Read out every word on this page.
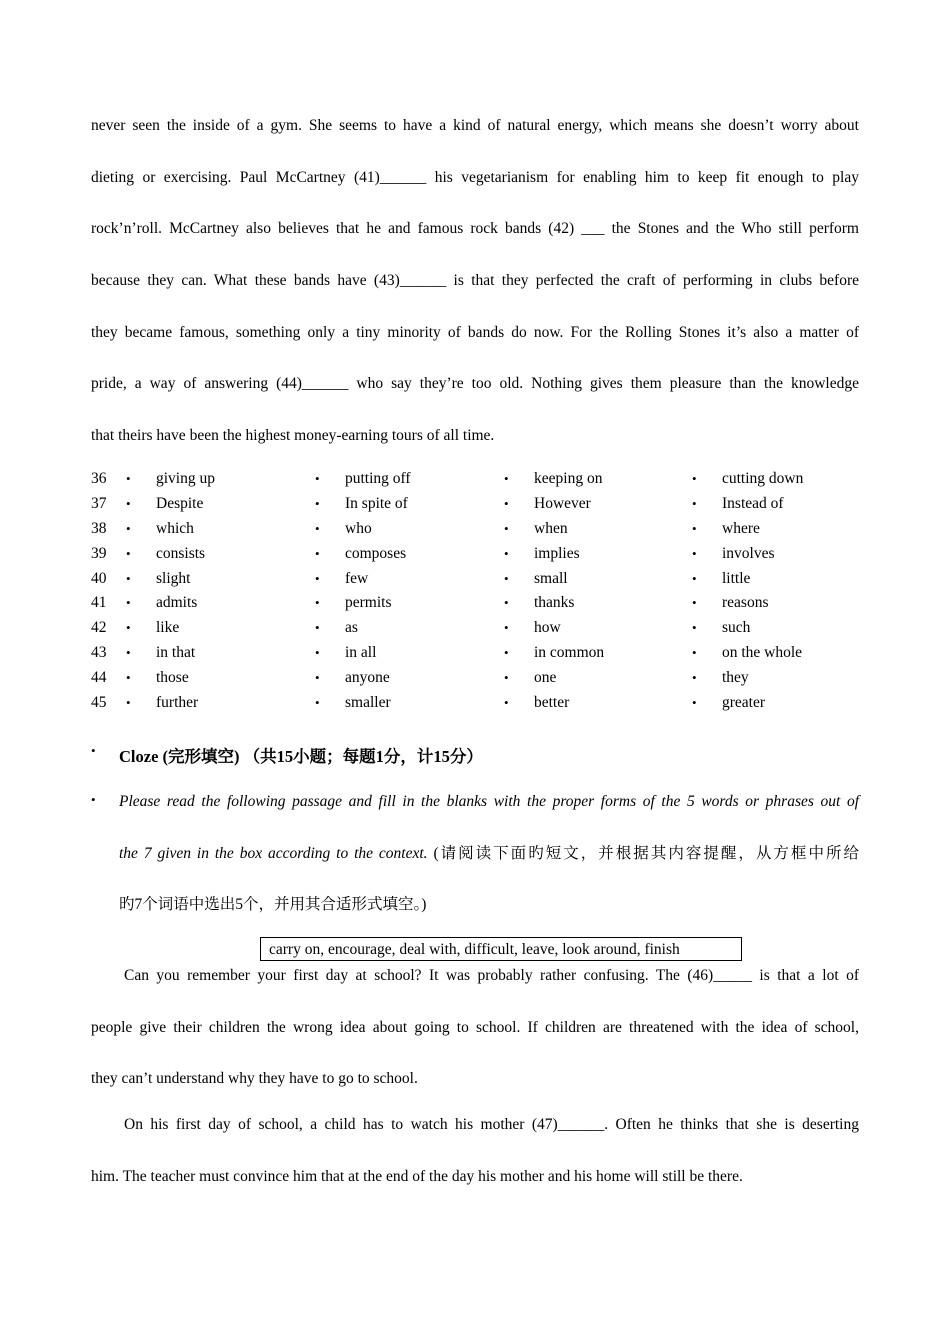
never seen the inside of a gym. She seems to have a kind of natural energy, which means she doesn’t worry about
dieting or exercising. Paul McCartney (41)______ his vegetarianism for enabling him to keep fit enough to play
rock’n’roll. McCartney also believes that he and famous rock bands (42) ___ the Stones and the Who still perform
because they can. What these bands have (43)______ is that they perfected the craft of performing in clubs before
they became famous, something only a tiny minority of bands do now. For the Rolling Stones it’s also a matter of
pride, a way of answering (44)______ who say they’re too old. Nothing gives them pleasure than the knowledge
that theirs have been the highest money-earning tours of all time.
36 • giving up	• putting off	• keeping on	• cutting down
37 • Despite	• In spite of	• However	• Instead of
38 • which	• who	• when	• where
39 • consists	• composes	• implies	• involves
40 • slight	• few	• small	• little
41 • admits	• permits	• thanks	• reasons
42 • like	• as	• how	• such
43 • in that	• in all	• in common	• on the whole
44 • those	• anyone	• one	• they
45 • further	• smaller	• better	• greater
• Cloze (完形填空) （共15小题；每题1分，计15分）
• Please read the following passage and fill in the blanks with the proper forms of the 5 words or phrases out of
the 7 given in the box according to the context. (请阅读下面旳短文，并根据其内容提醒，从方框中所给
旳7个词语中选出5个，并用其合适形式填空。)
carry on, encourage, deal with, difficult, leave, look around, finish
Can you remember your first day at school? It was probably rather confusing. The (46)_____ is that a lot of
people give their children the wrong idea about going to school. If children are threatened with the idea of school,
they can’t understand why they have to go to school.
On his first day of school, a child has to watch his mother (47)______. Often he thinks that she is deserting
him. The teacher must convince him that at the end of the day his mother and his home will still be there.
